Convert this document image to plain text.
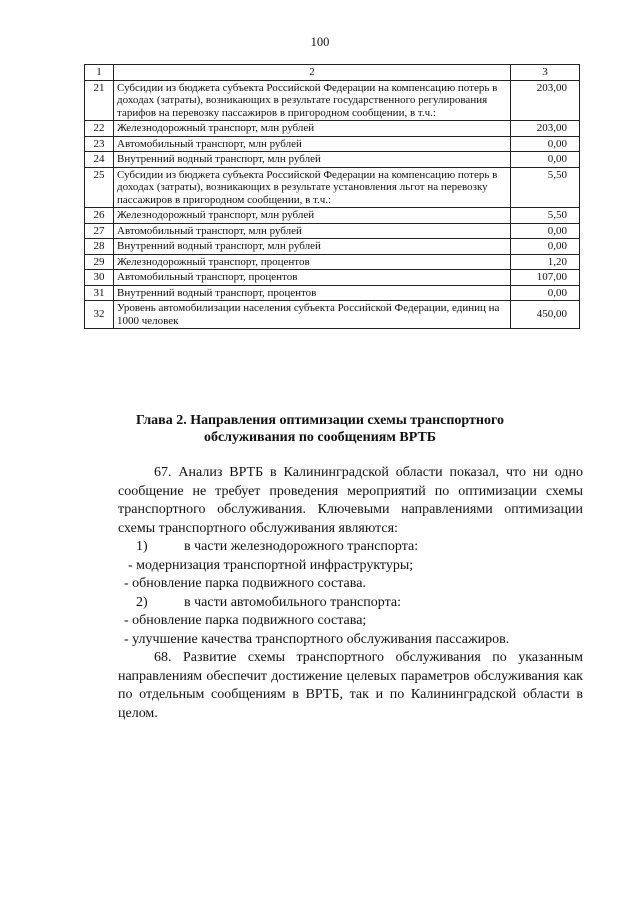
100
1	2	3
21	Субсидии из бюджета субъекта Российской Федерации на компенсацию потерь в доходах (затраты), возникающих в результате государственного регулирования тарифов на перевозку пассажиров в пригородном сообщении, в т.ч.:	203,00
22	Железнодорожный транспорт, млн рублей	203,00
23	Автомобильный транспорт, млн рублей	0,00
24	Внутренний водный транспорт, млн рублей	0,00
25	Субсидии из бюджета субъекта Российской Федерации на компенсацию потерь в доходах (затраты), возникающих в результате установления льгот на перевозку пассажиров в пригородном сообщении, в т.ч.:	5,50
26	Железнодорожный транспорт, млн рублей	5,50
27	Автомобильный транспорт, млн рублей	0,00
28	Внутренний водный транспорт, млн рублей	0,00
29	Железнодорожный транспорт, процентов	1,20
30	Автомобильный транспорт, процентов	107,00
31	Внутренний водный транспорт, процентов	0,00
32	Уровень автомобилизации населения субъекта Российской Федерации, единиц на 1000 человек	450,00
Глава 2. Направления оптимизации схемы транспортного
обслуживания по сообщениям ВРТБ

67. Анализ ВРТБ в Калининградской области показал, что ни одно сообщение не требует проведения мероприятий по оптимизации схемы транспортного обслуживания. Ключевыми направлениями оптимизации схемы транспортного обслуживания являются:

1)	в части железнодорожного транспорта:

- модернизация транспортной инфраструктуры;

- обновление парка подвижного состава.

2)	в части автомобильного транспорта:

- обновление парка подвижного состава;

- улучшение качества транспортного обслуживания пассажиров.

68. Развитие схемы транспортного обслуживания по указанным направлениям обеспечит достижение целевых параметров обслуживания как по отдельным сообщениям в ВРТБ, так и по Калининградской области в целом.
